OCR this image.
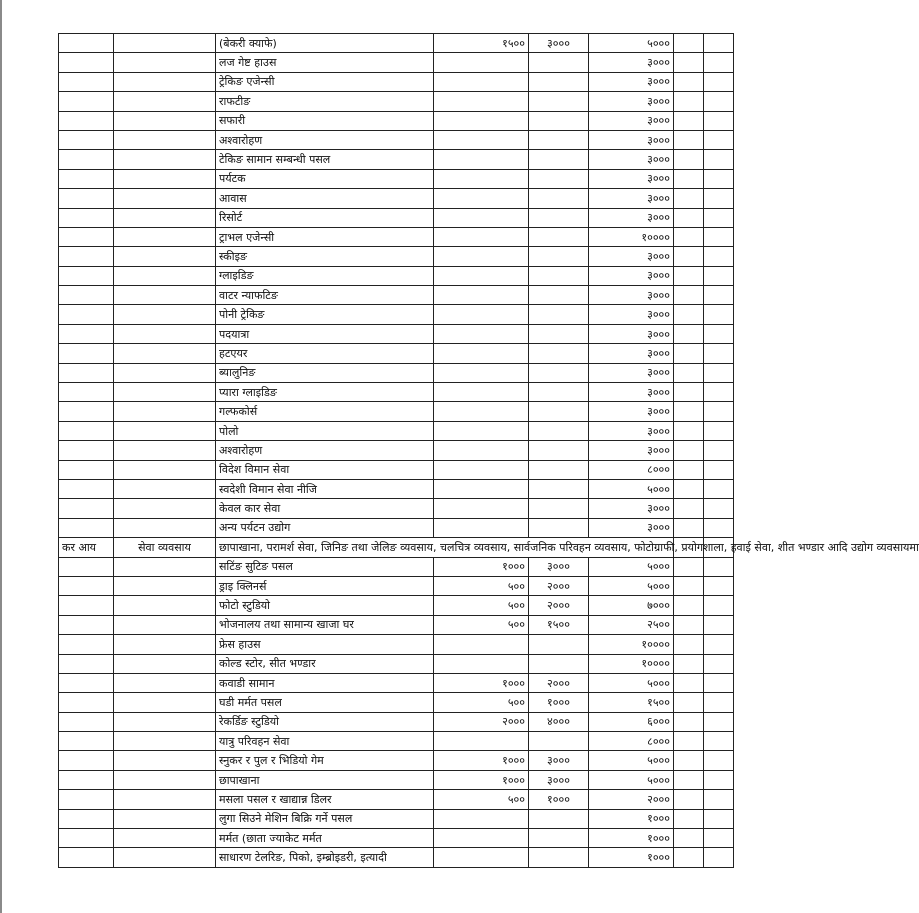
		(बेकरी क्याफे)	१५००	३०००	५०००		
		लज गेष्ट हाउस			३०००		
		ट्रेकिङ एजेन्सी			३०००		
		राफटीङ			३०००		
		सफारी			३०००		
		अश्वारोहण			३०००		
		टेकिङ सामान सम्बन्धी पसल			३०००		
		पर्यटक			३०००		
		आवास			३०००		
		रिसोर्ट			३०००		
		ट्राभल एजेन्सी			१००००		
		स्कीइङ			३०००		
		ग्लाइडिङ			३०००		
		वाटर न्याफटिङ			३०००		
		पोनी ट्रेकिङ			३०००		
		पदयात्रा			३०००		
		हटएयर			३०००		
		ब्यालुनिङ			३०००		
		प्यारा ग्लाइडिङ			३०००		
		गल्फकोर्स			३०००		
		पोलो			३०००		
		अश्वारोहण			३०००		
		विदेश विमान सेवा			८०००		
		स्वदेशी विमान सेवा नीजि			५०००		
		केवल कार सेवा			३०००		
		अन्य पर्यटन उद्योग			३०००		
कर आय	सेवा व्यवसाय	छापाखाना, परामर्श सेवा, जिनिङ तथा जेलिङ व्यवसाय, चलचित्र व्यवसाय, सार्वजनिक परिवहन व्यवसाय, फोटोग्राफी, प्रयोगशाला, हवाई सेवा, शीत भण्डार आदि उद्योग व्यवसायमा					
		सटिंङ सुटिङ पसल	१०००	३०००	५०००		
		ड्राइ क्लिनर्स	५००	२०००	५०००		
		फोटो स्टुडियो	५००	२०००	७०००		
		भोजनालय तथा सामान्य खाजा घर	५००	१५००	२५००		
		फ्रेस हाउस			१००००		
		कोल्ड स्टोर, सीत भण्डार			१००००		
		कवाडी सामान	१०००	२०००	५०००		
		घडी मर्मत पसल	५००	१०००	१५००		
		रेकर्डिङ स्टुडियो	२०००	४०००	६०००		
		यात्रु परिवहन सेवा			८०००		
		स्नुकर र पुल र भिडियो गेम	१०००	३०००	५०००		
		छापाखाना	१०००	३०००	५०००		
		मसला पसल र खाद्यान्न डिलर	५००	१०००	२०००		
		लुगा सिउने मेशिन बिक्रि गर्ने पसल			१०००		
		मर्मत (छाता ज्याकेट मर्मत			१०००		
		साधारण टेलरिङ, पिको, इम्ब्रोइडरी, इत्यादी			१०००		
